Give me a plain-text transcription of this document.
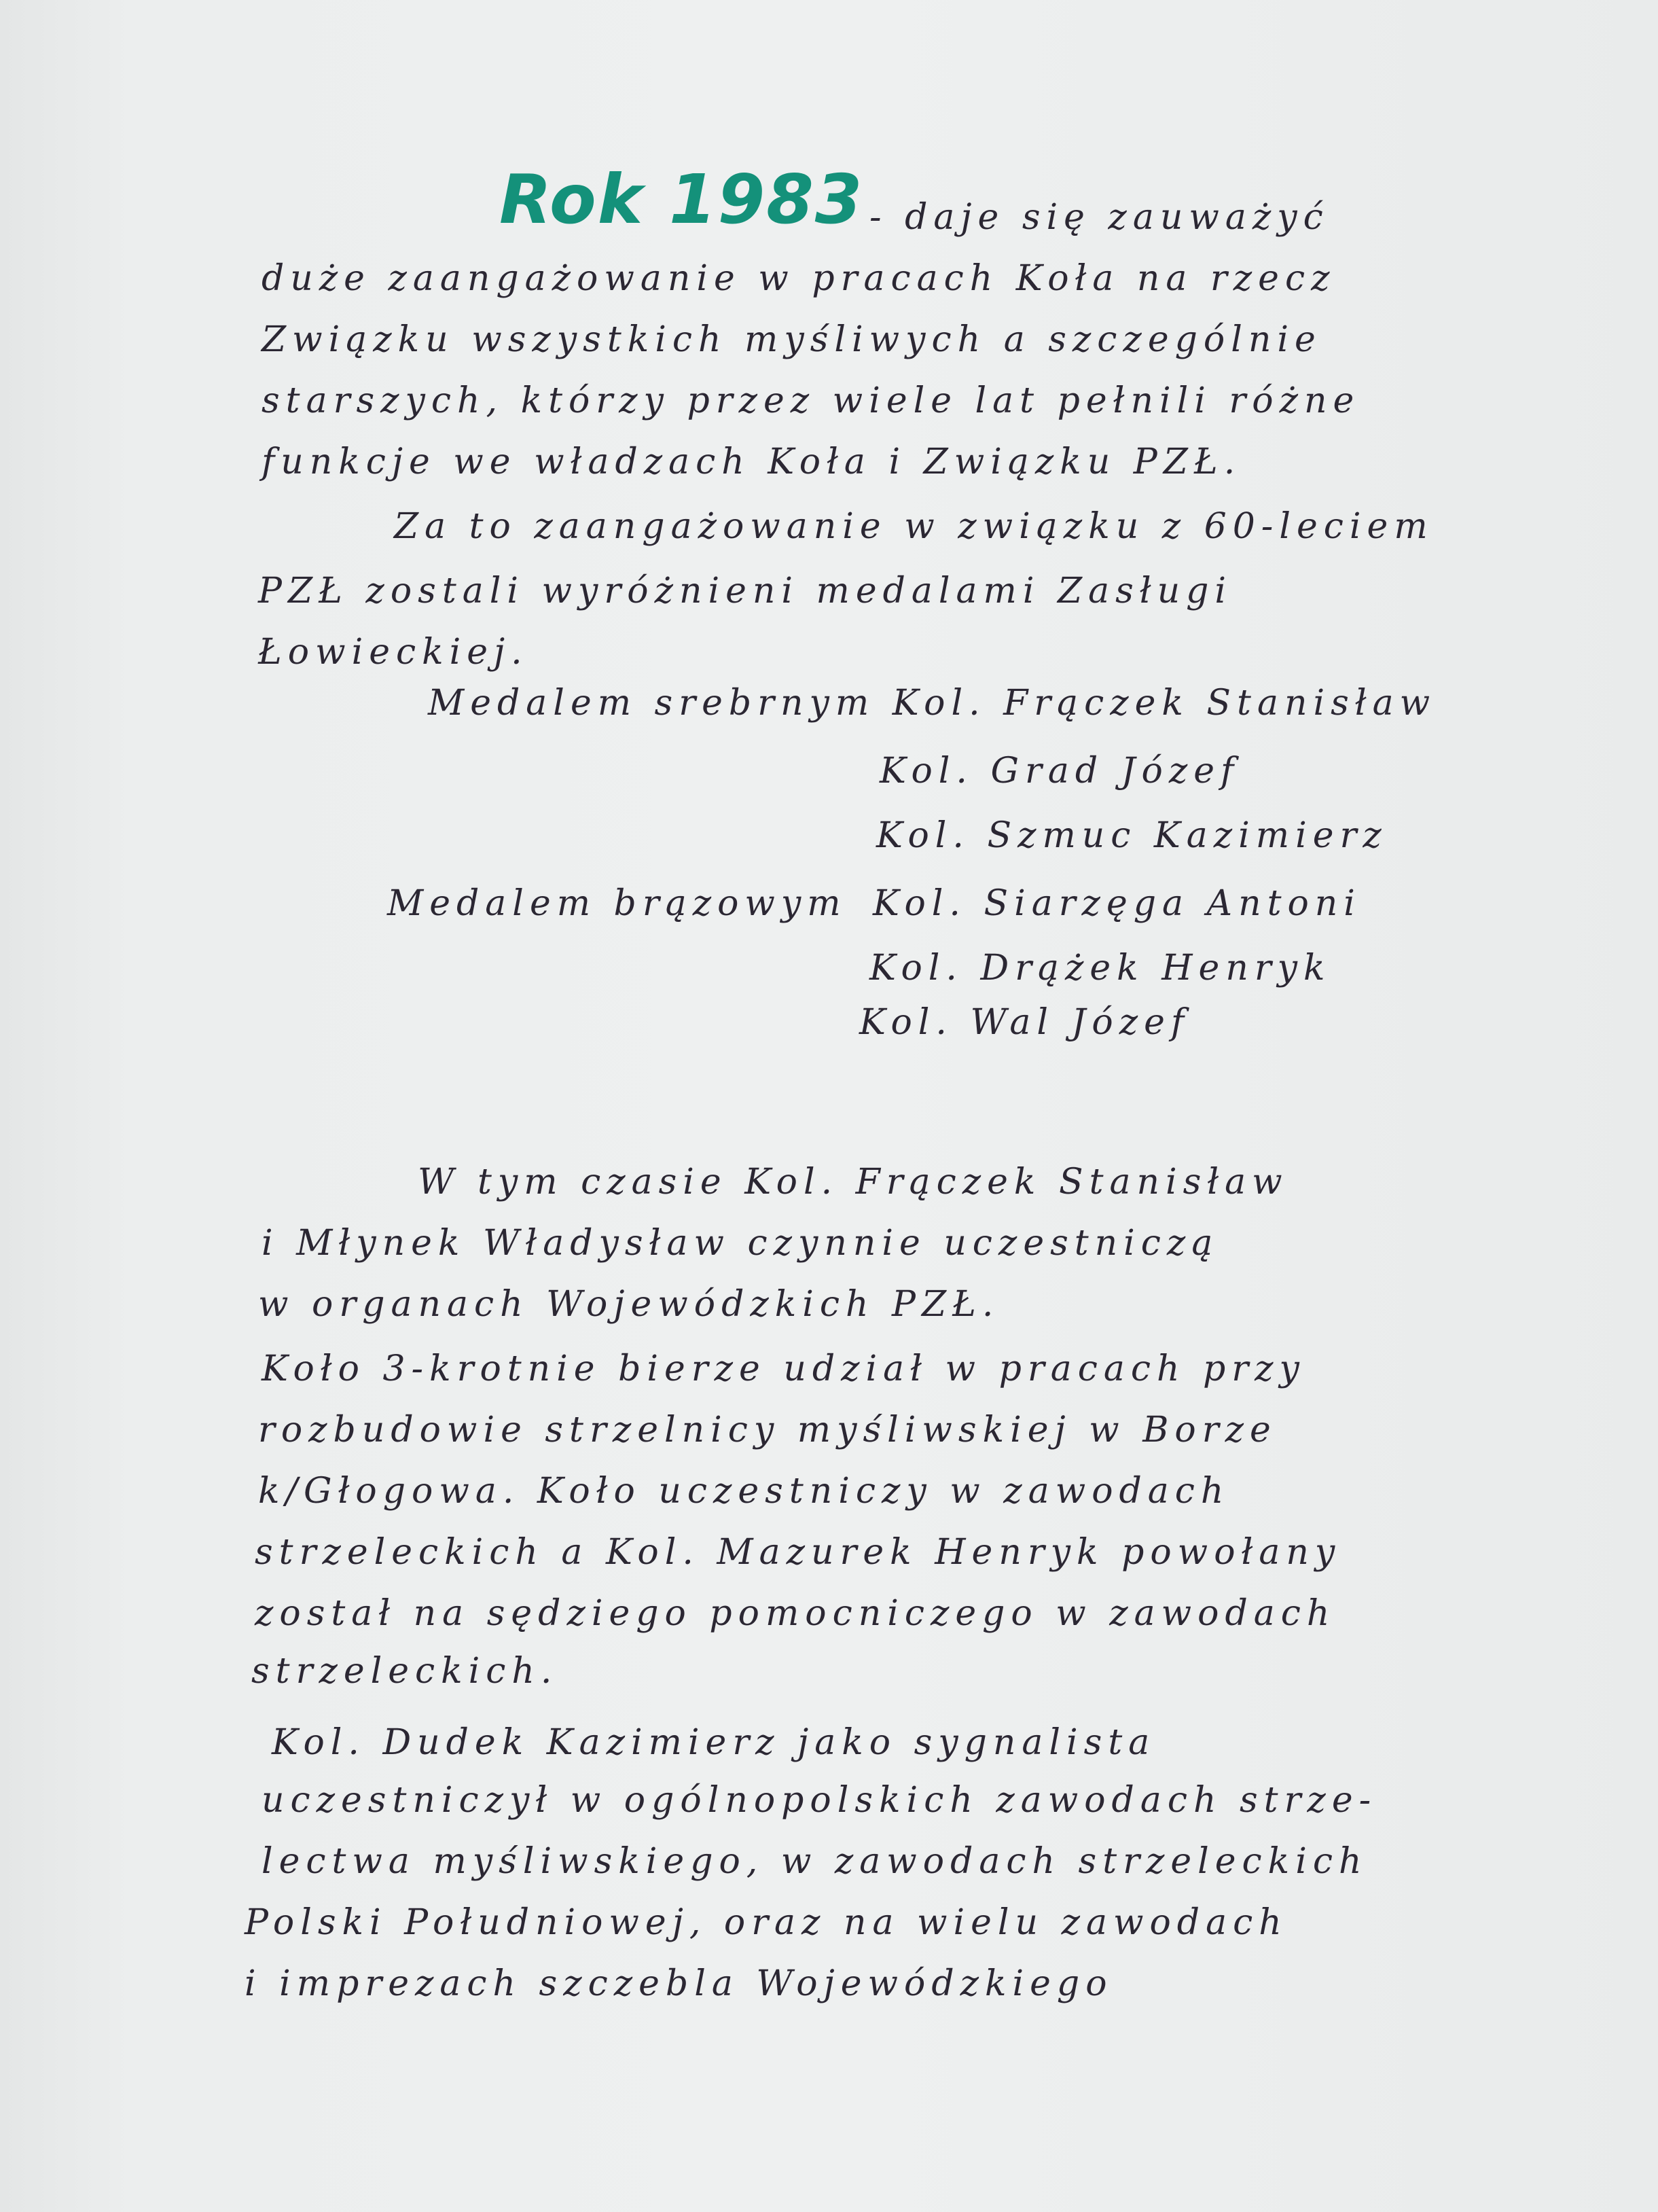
Rok 1983 - daje się zauważyć
duże zaangażowanie w pracach Koła na rzecz
Związku wszystkich myśliwych a szczególnie
starszych, którzy przez wiele lat pełnili różne
funkcje we władzach Koła i Związku PZŁ.
Za to zaangażowanie w związku z 60-leciem
PZŁ zostali wyróżnieni medalami Zasługi
Łowieckiej.
Medalem srebrnym Kol. Frączek Stanisław
Kol. Grad Józef
Kol. Szmuc Kazimierz
Medalem brązowym Kol. Siarzęga Antoni
Kol. Drążek Henryk
Kol. Wal Józef
W tym czasie Kol. Frączek Stanisław
i Młynek Władysław czynnie uczestniczą
w organach Wojewódzkich PZŁ.
Koło 3-krotnie bierze udział w pracach przy
rozbudowie strzelnicy myśliwskiej w Borze
k/Głogowa. Koło uczestniczy w zawodach
strzeleckich a Kol. Mazurek Henryk powołany
został na sędziego pomocniczego w zawodach
strzeleckich.
Kol. Dudek Kazimierz jako sygnalista
uczestniczył w ogólnopolskich zawodach strze-
lectwa myśliwskiego, w zawodach strzeleckich
Polski Południowej, oraz na wielu zawodach
i imprezach szczebla Wojewódzkiego
